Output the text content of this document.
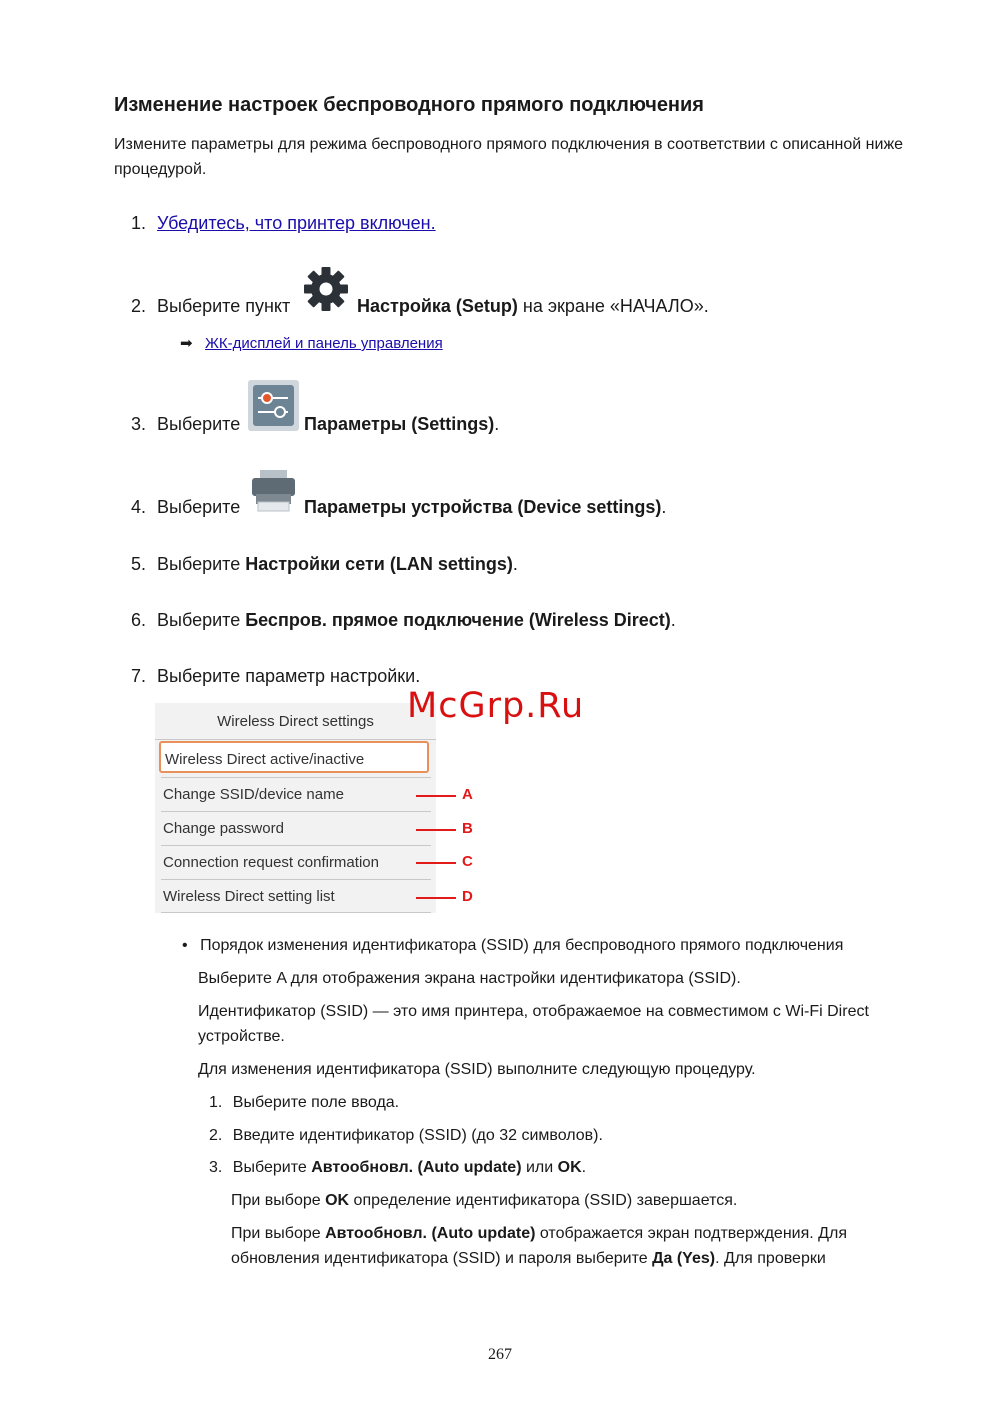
Изменение настроек беспроводного прямого подключения
Измените параметры для режима беспроводного прямого подключения в соответствии с описанной ниже процедурой.
1. Убедитесь, что принтер включен.
2. Выберите пункт	Настройка (Setup) на экране «НАЧАЛО».
➡ ЖК-дисплей и панель управления
3. Выберите	Параметры (Settings).
4. Выберите	Параметры устройства (Device settings).
5. Выберите Настройки сети (LAN settings).
6. Выберите Беспров. прямое подключение (Wireless Direct).
7. Выберите параметр настройки.
Wireless Direct settings
Wireless Direct active/inactive
Change SSID/device name
Change password
Connection request confirmation
Wireless Direct setting list
A
B
C
D
McGrp.Ru
• Порядок изменения идентификатора (SSID) для беспроводного прямого подключения
Выберите A для отображения экрана настройки идентификатора (SSID).
Идентификатор (SSID) — это имя принтера, отображаемое на совместимом с Wi-Fi Direct
устройстве.
Для изменения идентификатора (SSID) выполните следующую процедуру.
1. Выберите поле ввода.
2. Введите идентификатор (SSID) (до 32 символов).
3. Выберите Автообновл. (Auto update) или OK.
При выборе OK определение идентификатора (SSID) завершается.
При выборе Автообновл. (Auto update) отображается экран подтверждения. Для
обновления идентификатора (SSID) и пароля выберите Да (Yes). Для проверки
267
